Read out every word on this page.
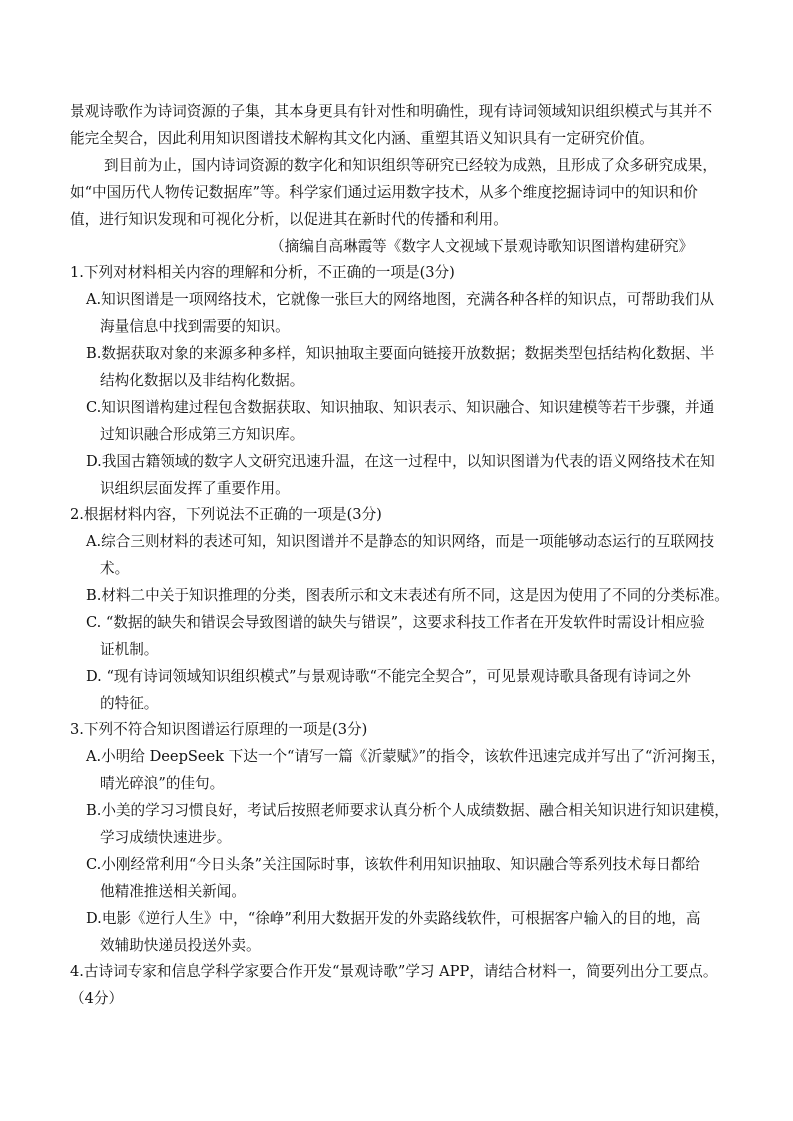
景观诗歌作为诗词资源的子集，其本身更具有针对性和明确性，现有诗词领域知识组织模式与其并不
能完全契合，因此利用知识图谱技术解构其文化内涵、重塑其语义知识具有一定研究价值。
到目前为止，国内诗词资源的数字化和知识组织等研究已经较为成熟，且形成了众多研究成果，
如“中国历代人物传记数据库”等。科学家们通过运用数字技术，从多个维度挖掘诗词中的知识和价
值，进行知识发现和可视化分析，以促进其在新时代的传播和利用。
（摘编自高琳霞等《数字人文视域下景观诗歌知识图谱构建研究》
1.下列对材料相关内容的理解和分析，不正确的一项是(3分)
A.知识图谱是一项网络技术，它就像一张巨大的网络地图，充满各种各样的知识点，可帮助我们从
海量信息中找到需要的知识。
B.数据获取对象的来源多种多样，知识抽取主要面向链接开放数据；数据类型包括结构化数据、半
结构化数据以及非结构化数据。
C.知识图谱构建过程包含数据获取、知识抽取、知识表示、知识融合、知识建模等若干步骤，并通
过知识融合形成第三方知识库。
D.我国古籍领域的数字人文研究迅速升温，在这一过程中，以知识图谱为代表的语义网络技术在知
识组织层面发挥了重要作用。
2.根据材料内容，下列说法不正确的一项是(3分)
A.综合三则材料的表述可知，知识图谱并不是静态的知识网络，而是一项能够动态运行的互联网技
术。
B.材料二中关于知识推理的分类，图表所示和文末表述有所不同，这是因为使用了不同的分类标准。
C. “数据的缺失和错误会导致图谱的缺失与错误”，这要求科技工作者在开发软件时需设计相应验
证机制。
D. “现有诗词领域知识组织模式”与景观诗歌“不能完全契合”，可见景观诗歌具备现有诗词之外
的特征。
3.下列不符合知识图谱运行原理的一项是(3分)
A.小明给 DeepSeek 下达一个“请写一篇《沂蒙赋》”的指令，该软件迅速完成并写出了“沂河掬玉，
晴光碎浪”的佳句。
B.小美的学习习惯良好，考试后按照老师要求认真分析个人成绩数据、融合相关知识进行知识建模，
学习成绩快速进步。
C.小刚经常利用“今日头条”关注国际时事，该软件利用知识抽取、知识融合等系列技术每日都给
他精准推送相关新闻。
D.电影《逆行人生》中，“徐峥”利用大数据开发的外卖路线软件，可根据客户输入的目的地，高
效辅助快递员投送外卖。
4.古诗词专家和信息学科学家要合作开发“景观诗歌”学习 APP，请结合材料一，简要列出分工要点。
（4分）
